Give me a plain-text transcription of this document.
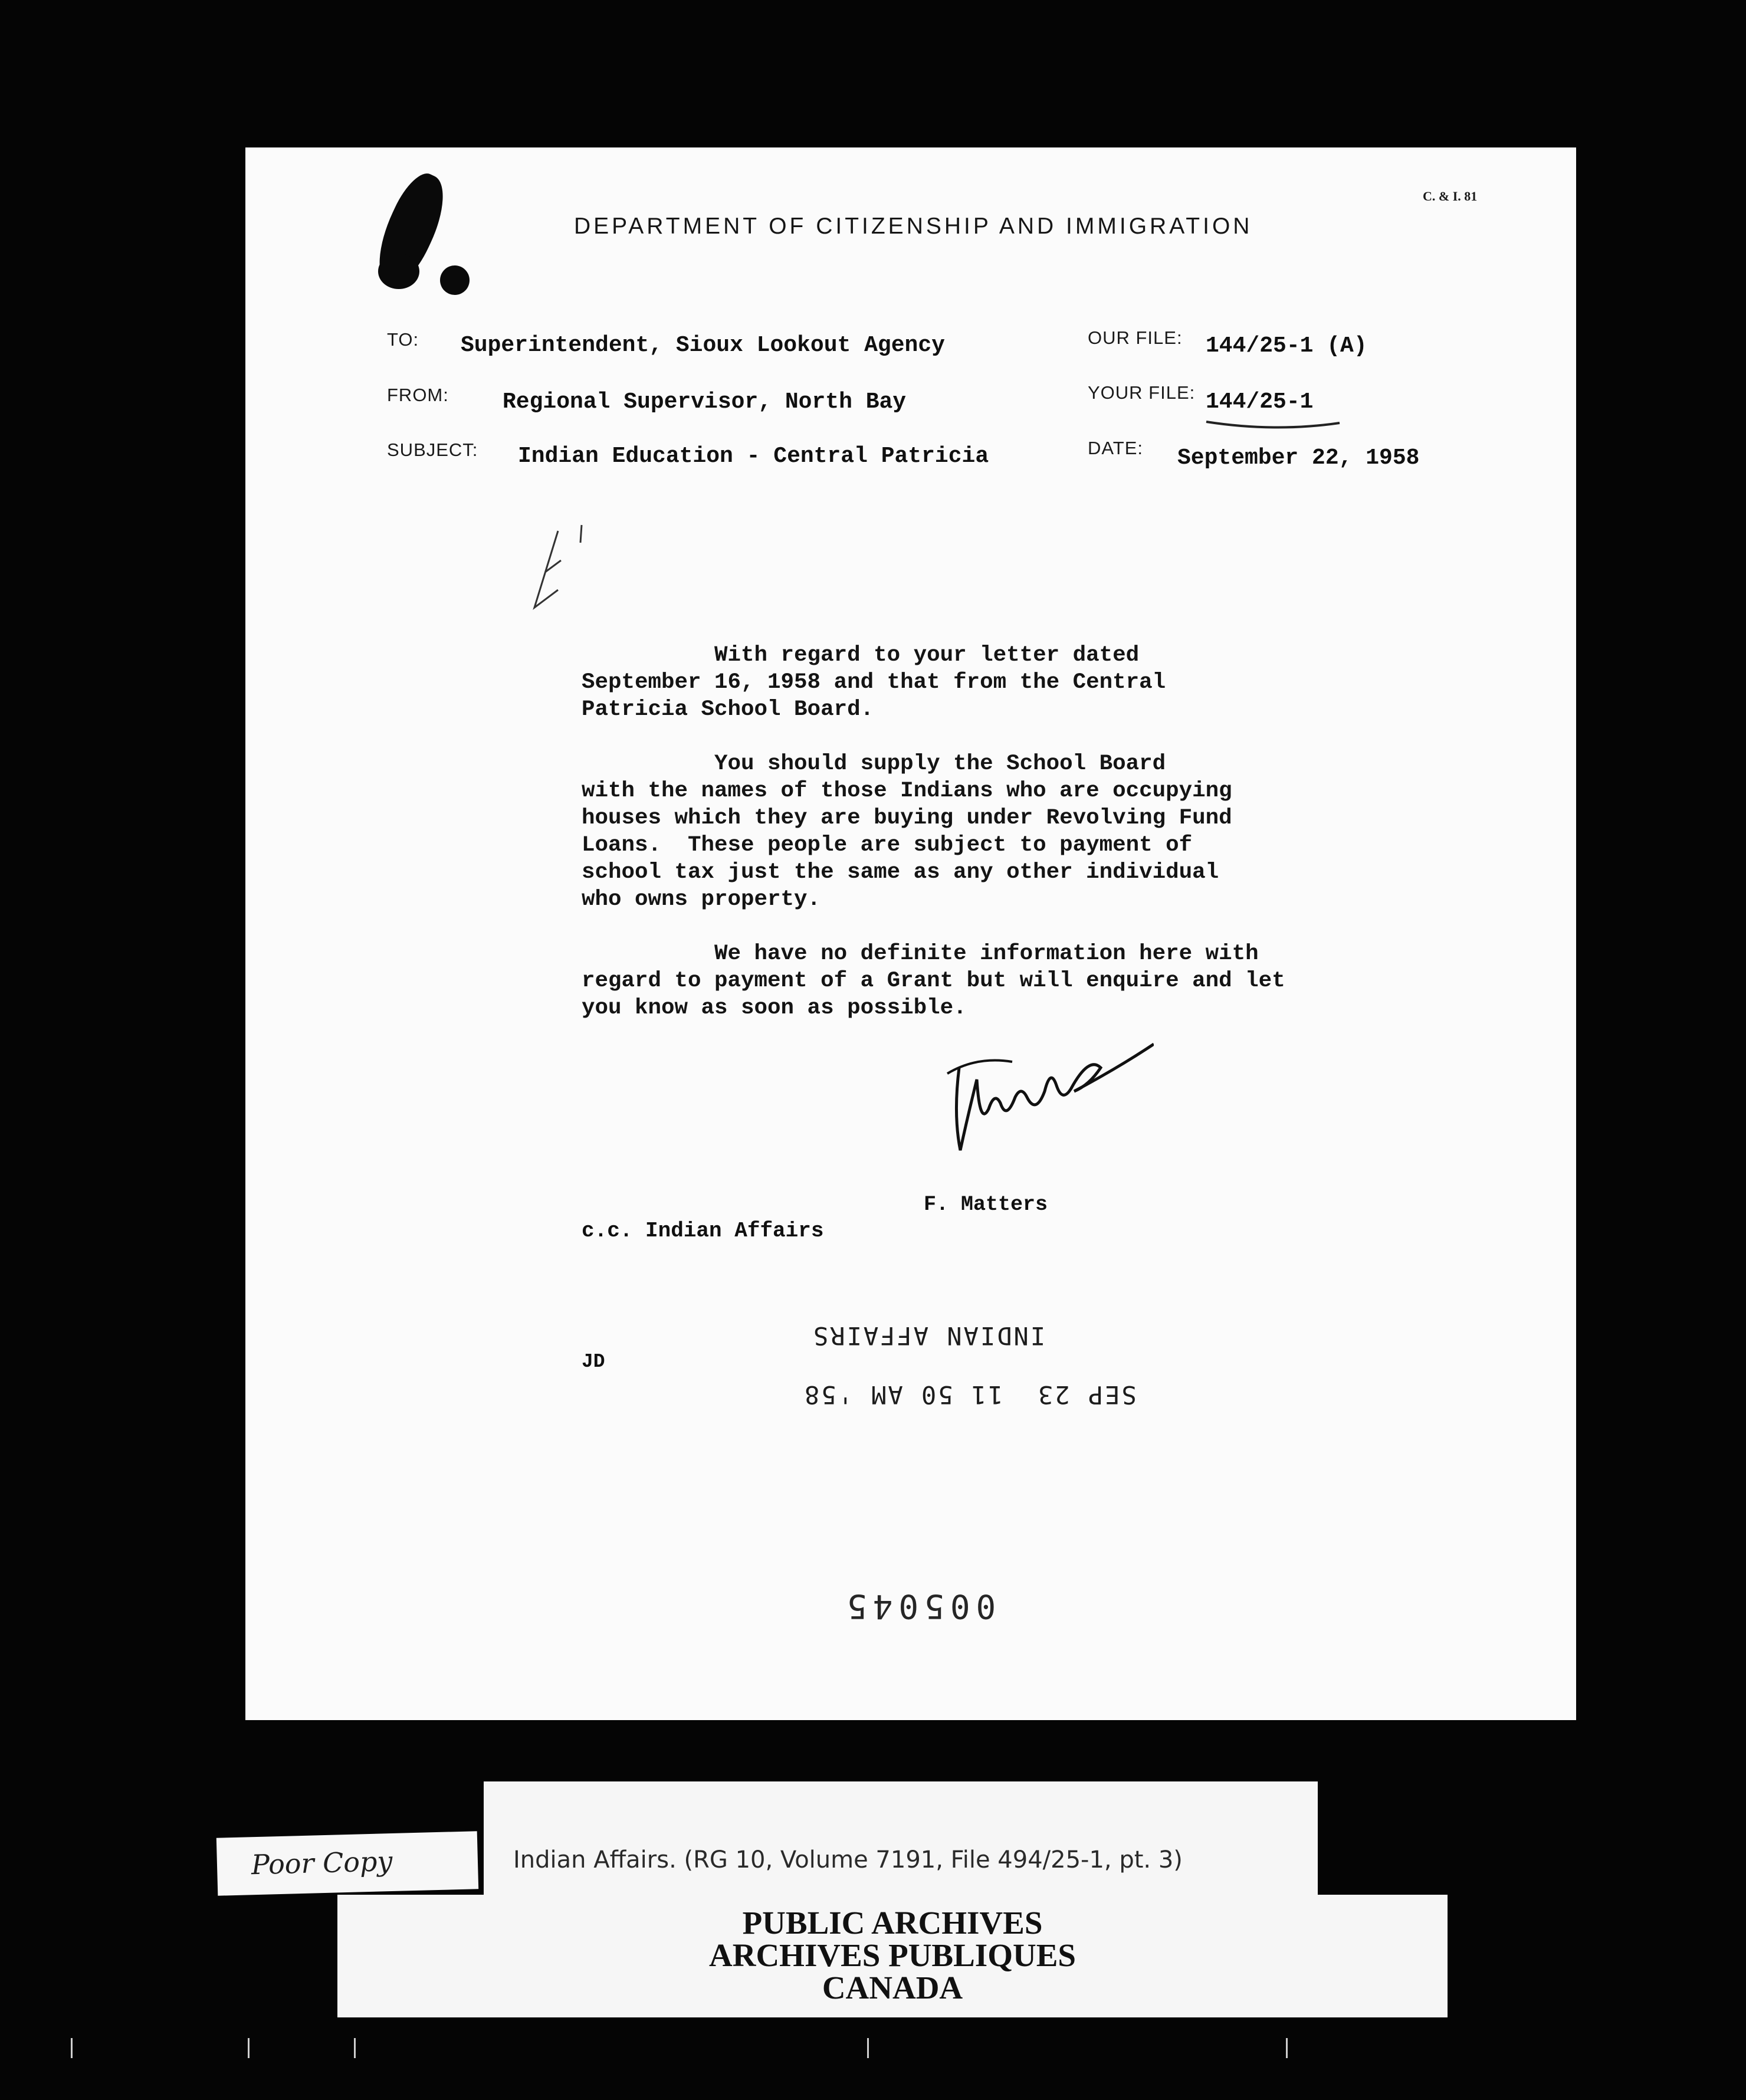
C. & I. 81
DEPARTMENT OF CITIZENSHIP AND IMMIGRATION
TO: Superintendent, Sioux Lookout Agency
FROM: Regional Supervisor, North Bay
SUBJECT: Indian Education - Central Patricia
OUR FILE: 144/25-1 (A)
YOUR FILE: 144/25-1
DATE: September 22, 1958

With regard to your letter dated
September 16, 1958 and that from the Central
Patricia School Board.

You should supply the School Board
with the names of those Indians who are occupying
houses which they are buying under Revolving Fund
Loans.  These people are subject to payment of
school tax just the same as any other individual
who owns property.

We have no definite information here with
regard to payment of a Grant but will enquire and let
you know as soon as possible.

F. Matters
c.c. Indian Affairs
JD
INDIAN AFFAIRS
SEP 23  11 50 AM '58
005045
Poor Copy	Indian Affairs. (RG 10, Volume 7191, File 494/25-1, pt. 3)
PUBLIC ARCHIVES
ARCHIVES PUBLIQUES
CANADA
